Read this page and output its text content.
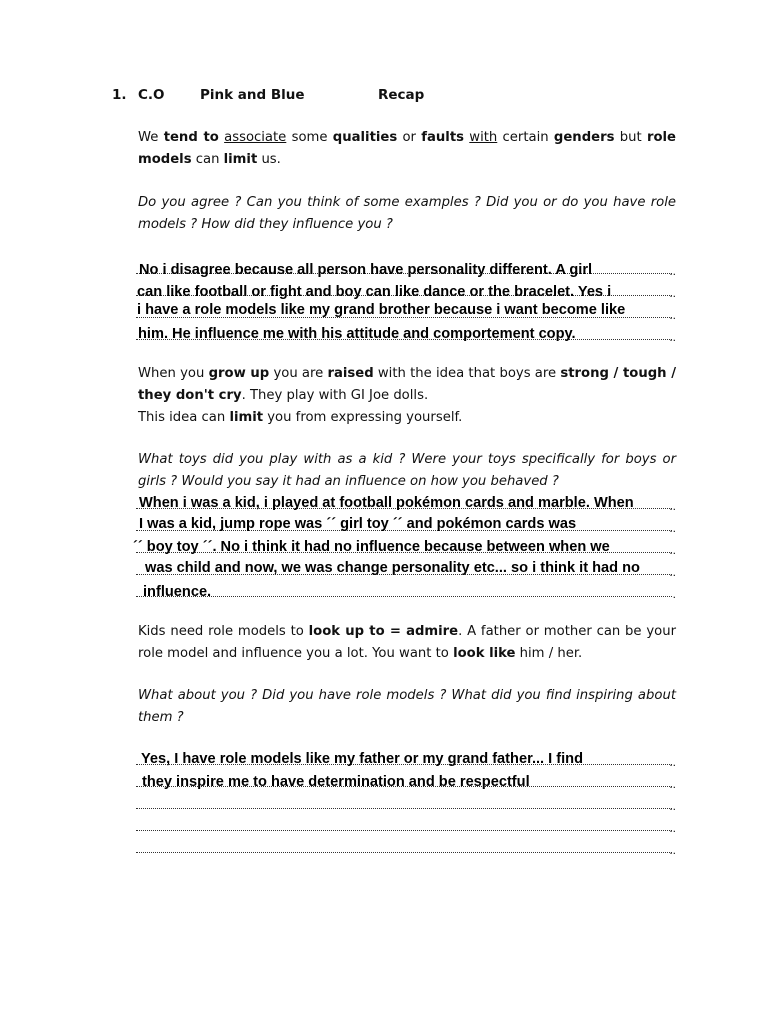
1. C.O	Pink and Blue	Recap
We tend to associate some qualities or faults with certain genders but role
models can limit us.
Do you agree ? Can you think of some examples ? Did you or do you have role
models ? How did they influence you ?
..
..
..
..
No i disagree because all person have personality different. A girl
can like football or fight and boy can like dance or the bracelet. Yes i
i have a role models like my grand brother because i want become like
him. He influence me with his attitude and comportement copy.
When you grow up you are raised with the idea that boys are strong / tough /
they don't cry. They play with GI Joe dolls.
This idea can limit you from expressing yourself.
What toys did you play with as a kid ? Were your toys specifically for boys or
girls ? Would you say it had an influence on how you behaved ?
..
..
..
..
.
When i was a kid, i played at football pokémon cards and marble. When
I was a kid, jump rope was ´´ girl toy ´´ and pokémon cards was
´´ boy toy ´´. No i think it had no influence because between when we
was child and now, we was change personality etc... so i think it had no
influence.
Kids need role models to look up to = admire. A father or mother can be your
role model and influence you a lot. You want to look like him / her.
What about you ? Did you have role models ? What did you find inspiring about
them ?
..
..
..
..
..
Yes, I have role models like my father or my grand father... I find
they inspire me to have determination and be respectful
